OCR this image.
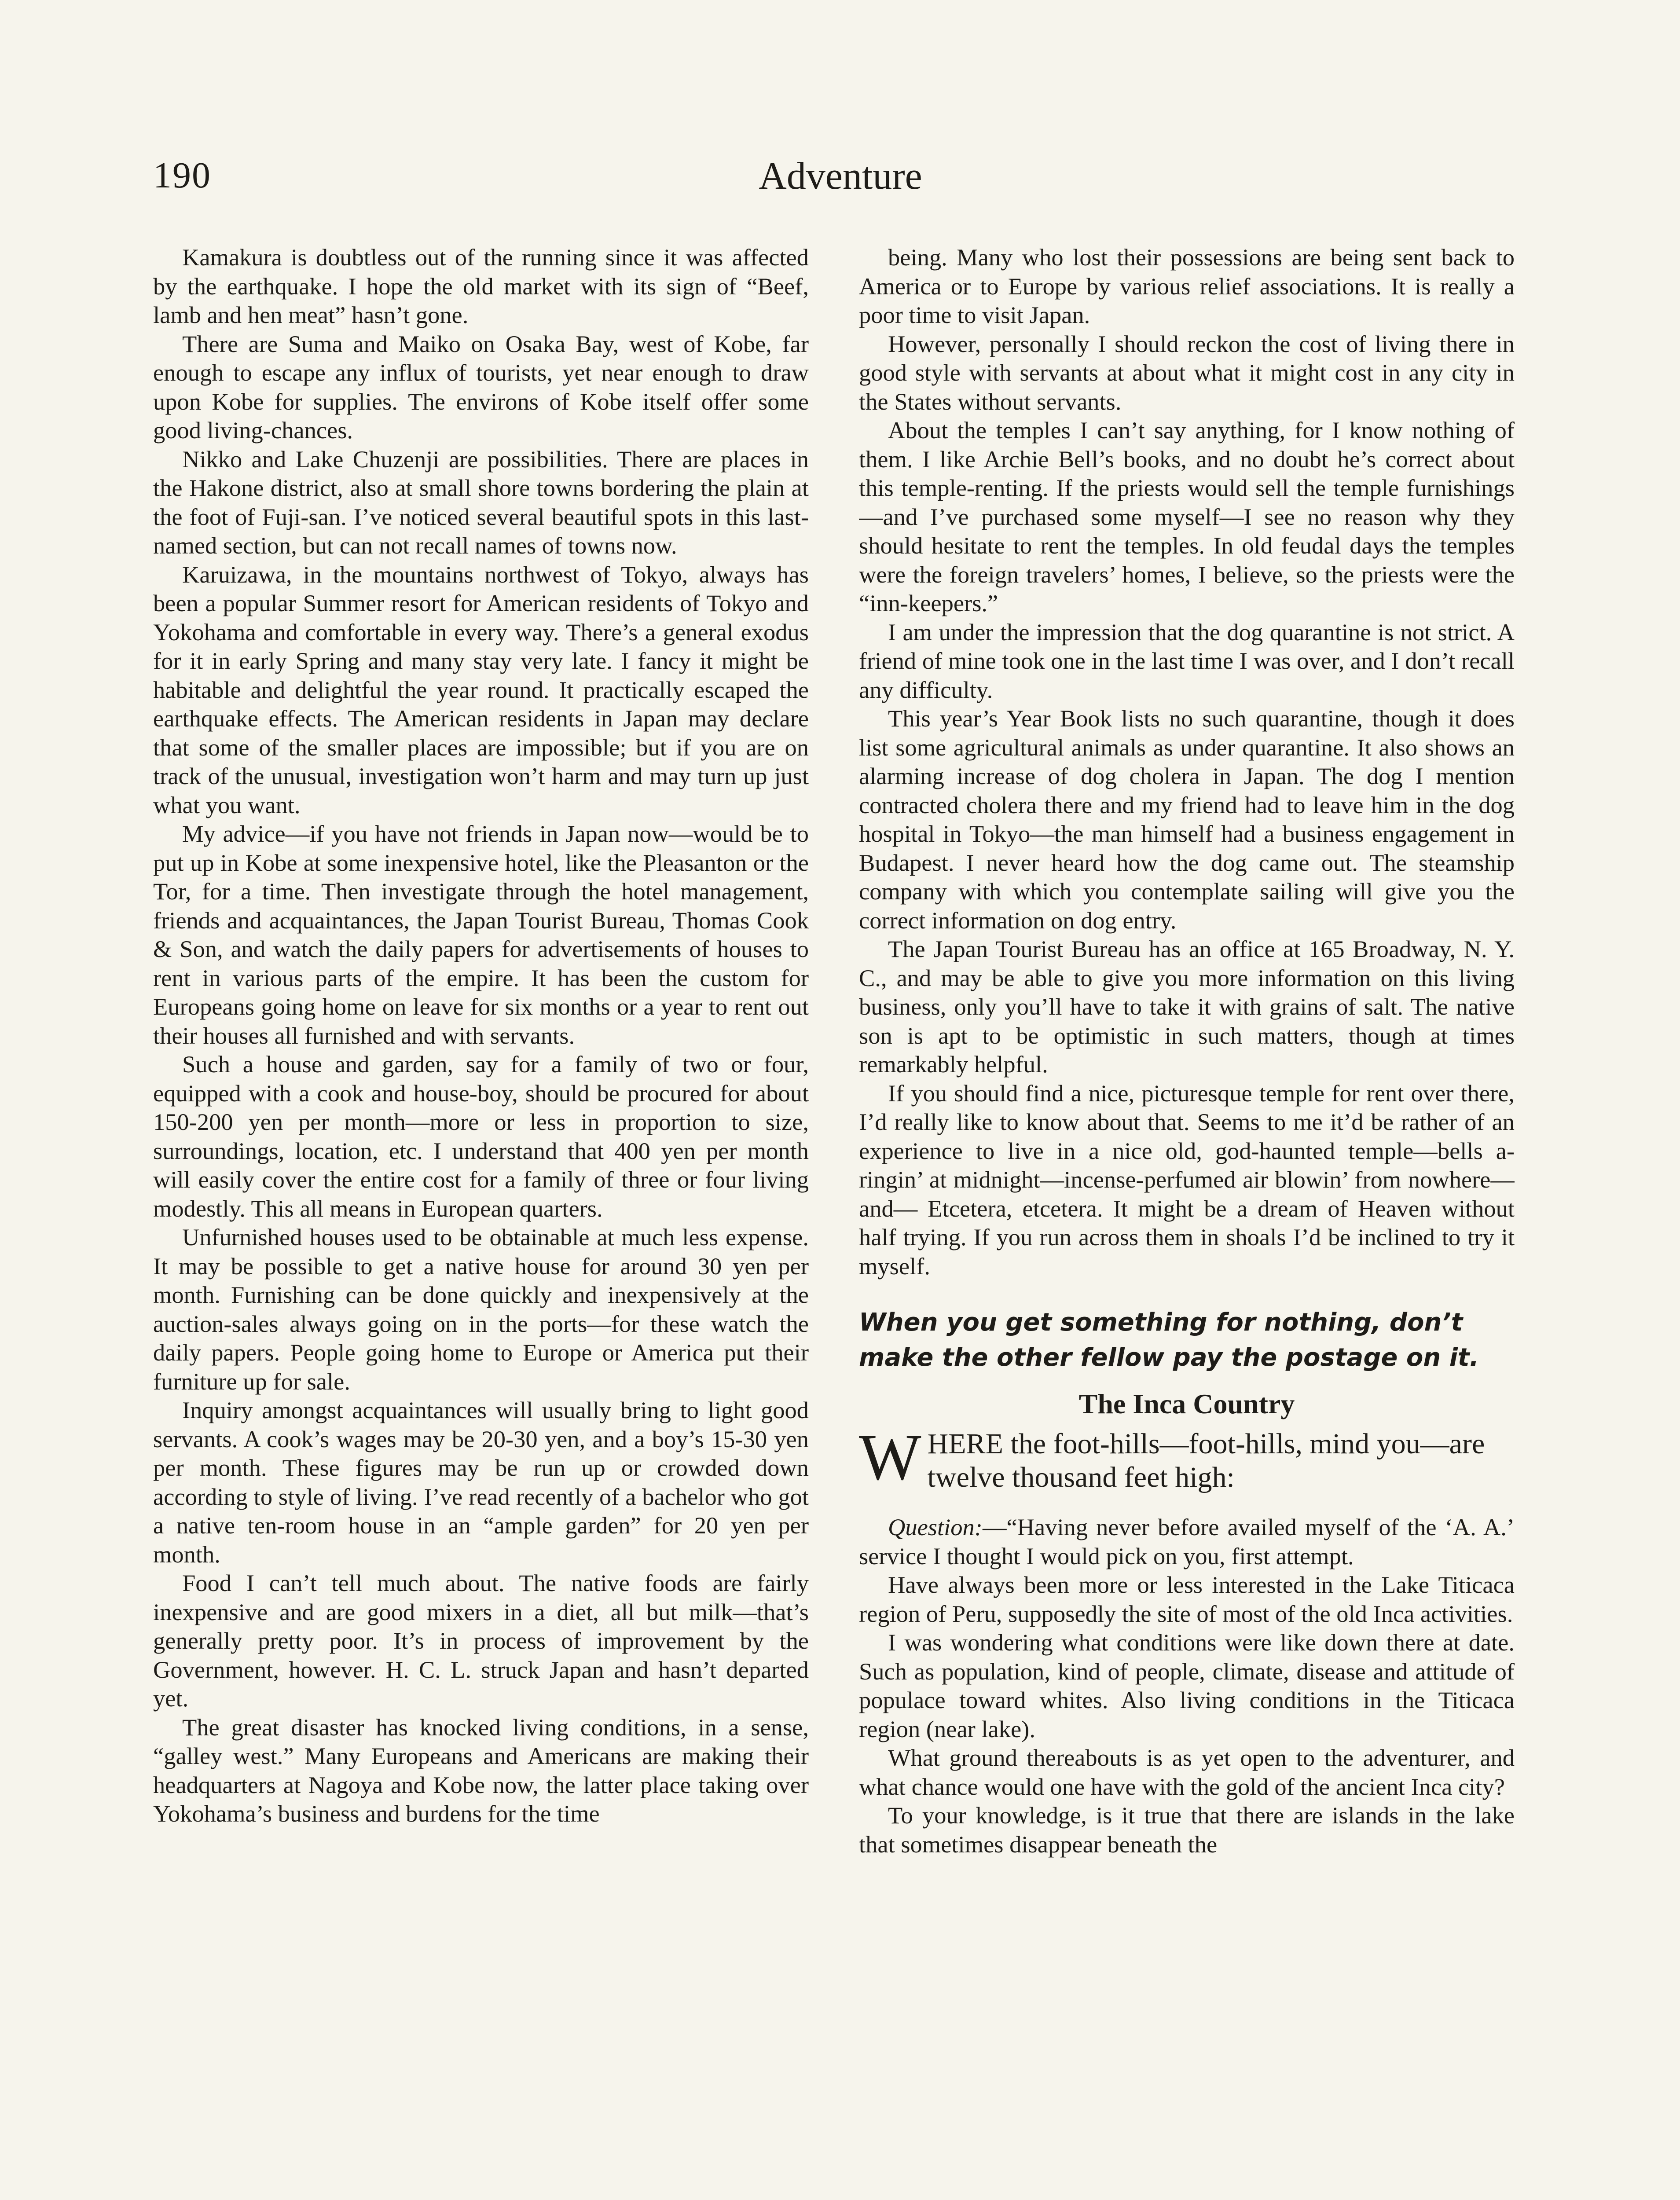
190	Adventure

Kamakura is doubtless out of the running since it was affected by the earthquake. I hope the old market with its sign of “Beef, lamb and hen meat” hasn’t gone.

There are Suma and Maiko on Osaka Bay, west of Kobe, far enough to escape any influx of tourists, yet near enough to draw upon Kobe for supplies. The environs of Kobe itself offer some good living-chances.

Nikko and Lake Chuzenji are possibilities. There are places in the Hakone district, also at small shore towns bordering the plain at the foot of Fuji-san. I’ve noticed several beautiful spots in this last-named section, but can not recall names of towns now.

Karuizawa, in the mountains northwest of Tokyo, always has been a popular Summer resort for American residents of Tokyo and Yokohama and comfortable in every way. There’s a general exodus for it in early Spring and many stay very late. I fancy it might be habitable and delightful the year round. It practically escaped the earthquake effects. The American residents in Japan may declare that some of the smaller places are impossible; but if you are on track of the unusual, investigation won’t harm and may turn up just what you want.

My advice—if you have not friends in Japan now—would be to put up in Kobe at some inexpensive hotel, like the Pleasanton or the Tor, for a time. Then investigate through the hotel management, friends and acquaintances, the Japan Tourist Bureau, Thomas Cook & Son, and watch the daily papers for advertisements of houses to rent in various parts of the empire. It has been the custom for Europeans going home on leave for six months or a year to rent out their houses all furnished and with servants.

Such a house and garden, say for a family of two or four, equipped with a cook and house-boy, should be procured for about 150-200 yen per month—more or less in proportion to size, surroundings, location, etc. I understand that 400 yen per month will easily cover the entire cost for a family of three or four living modestly. This all means in European quarters.

Unfurnished houses used to be obtainable at much less expense. It may be possible to get a native house for around 30 yen per month. Furnishing can be done quickly and inexpensively at the auction-sales always going on in the ports—for these watch the daily papers. People going home to Europe or America put their furniture up for sale.

Inquiry amongst acquaintances will usually bring to light good servants. A cook’s wages may be 20-30 yen, and a boy’s 15-30 yen per month. These figures may be run up or crowded down according to style of living. I’ve read recently of a bachelor who got a native ten-room house in an “ample garden” for 20 yen per month.

Food I can’t tell much about. The native foods are fairly inexpensive and are good mixers in a diet, all but milk—that’s generally pretty poor. It’s in process of improvement by the Government, however. H. C. L. struck Japan and hasn’t departed yet.

The great disaster has knocked living conditions, in a sense, “galley west.” Many Europeans and Americans are making their headquarters at Nagoya and Kobe now, the latter place taking over Yokohama’s business and burdens for the time

being. Many who lost their possessions are being sent back to America or to Europe by various relief associations. It is really a poor time to visit Japan.

However, personally I should reckon the cost of living there in good style with servants at about what it might cost in any city in the States without servants.

About the temples I can’t say anything, for I know nothing of them. I like Archie Bell’s books, and no doubt he’s correct about this temple-renting. If the priests would sell the temple furnishings—and I’ve purchased some myself—I see no reason why they should hesitate to rent the temples. In old feudal days the temples were the foreign travelers’ homes, I believe, so the priests were the “inn-keepers.”

I am under the impression that the dog quarantine is not strict. A friend of mine took one in the last time I was over, and I don’t recall any difficulty.

This year’s Year Book lists no such quarantine, though it does list some agricultural animals as under quarantine. It also shows an alarming increase of dog cholera in Japan. The dog I mention contracted cholera there and my friend had to leave him in the dog hospital in Tokyo—the man himself had a business engagement in Budapest. I never heard how the dog came out. The steamship company with which you contemplate sailing will give you the correct information on dog entry.

The Japan Tourist Bureau has an office at 165 Broadway, N. Y. C., and may be able to give you more information on this living business, only you’ll have to take it with grains of salt. The native son is apt to be optimistic in such matters, though at times remarkably helpful.

If you should find a nice, picturesque temple for rent over there, I’d really like to know about that. Seems to me it’d be rather of an experience to live in a nice old, god-haunted temple—bells a-ringin’ at midnight—incense-perfumed air blowin’ from nowhere—and— Etcetera, etcetera. It might be a dream of Heaven without half trying. If you run across them in shoals I’d be inclined to try it myself.

When you get something for nothing, don’t make the other fellow pay the postage on it.
The Inca Country
WHERE the foot-hills—foot-hills, mind you—are twelve thousand feet high:

Question:—“Having never before availed myself of the ‘A. A.’ service I thought I would pick on you, first attempt.

Have always been more or less interested in the Lake Titicaca region of Peru, supposedly the site of most of the old Inca activities.

I was wondering what conditions were like down there at date. Such as population, kind of people, climate, disease and attitude of populace toward whites. Also living conditions in the Titicaca region (near lake).

What ground thereabouts is as yet open to the adventurer, and what chance would one have with the gold of the ancient Inca city?

To your knowledge, is it true that there are islands in the lake that sometimes disappear beneath the
